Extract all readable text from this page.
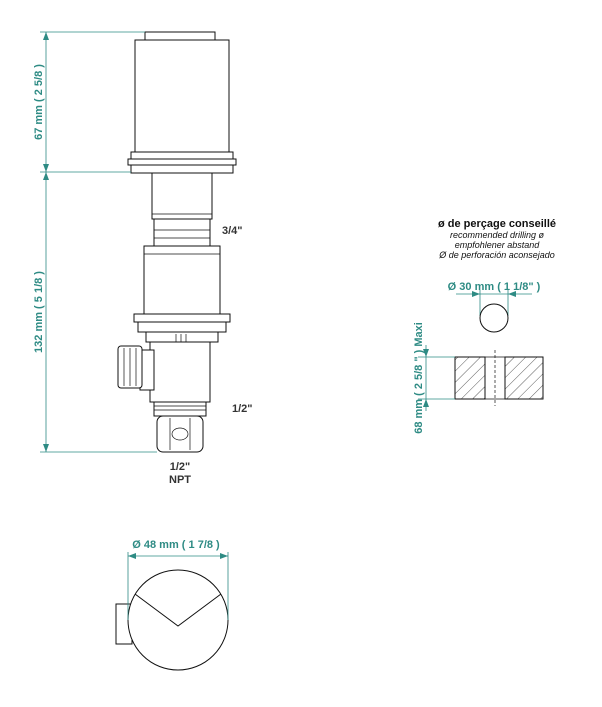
67 mm ( 2 5/8 )
132 mm ( 5 1/8 )
3/4"
1/2"
1/2"
NPT
Ø 48 mm ( 1 7/8 )
ø de perçage conseillé
recommended drilling ø
empfohlener abstand
Ø de perforación aconsejado
Ø 30 mm ( 1 1/8" )
68 mm ( 2 5/8 " ) Maxi
